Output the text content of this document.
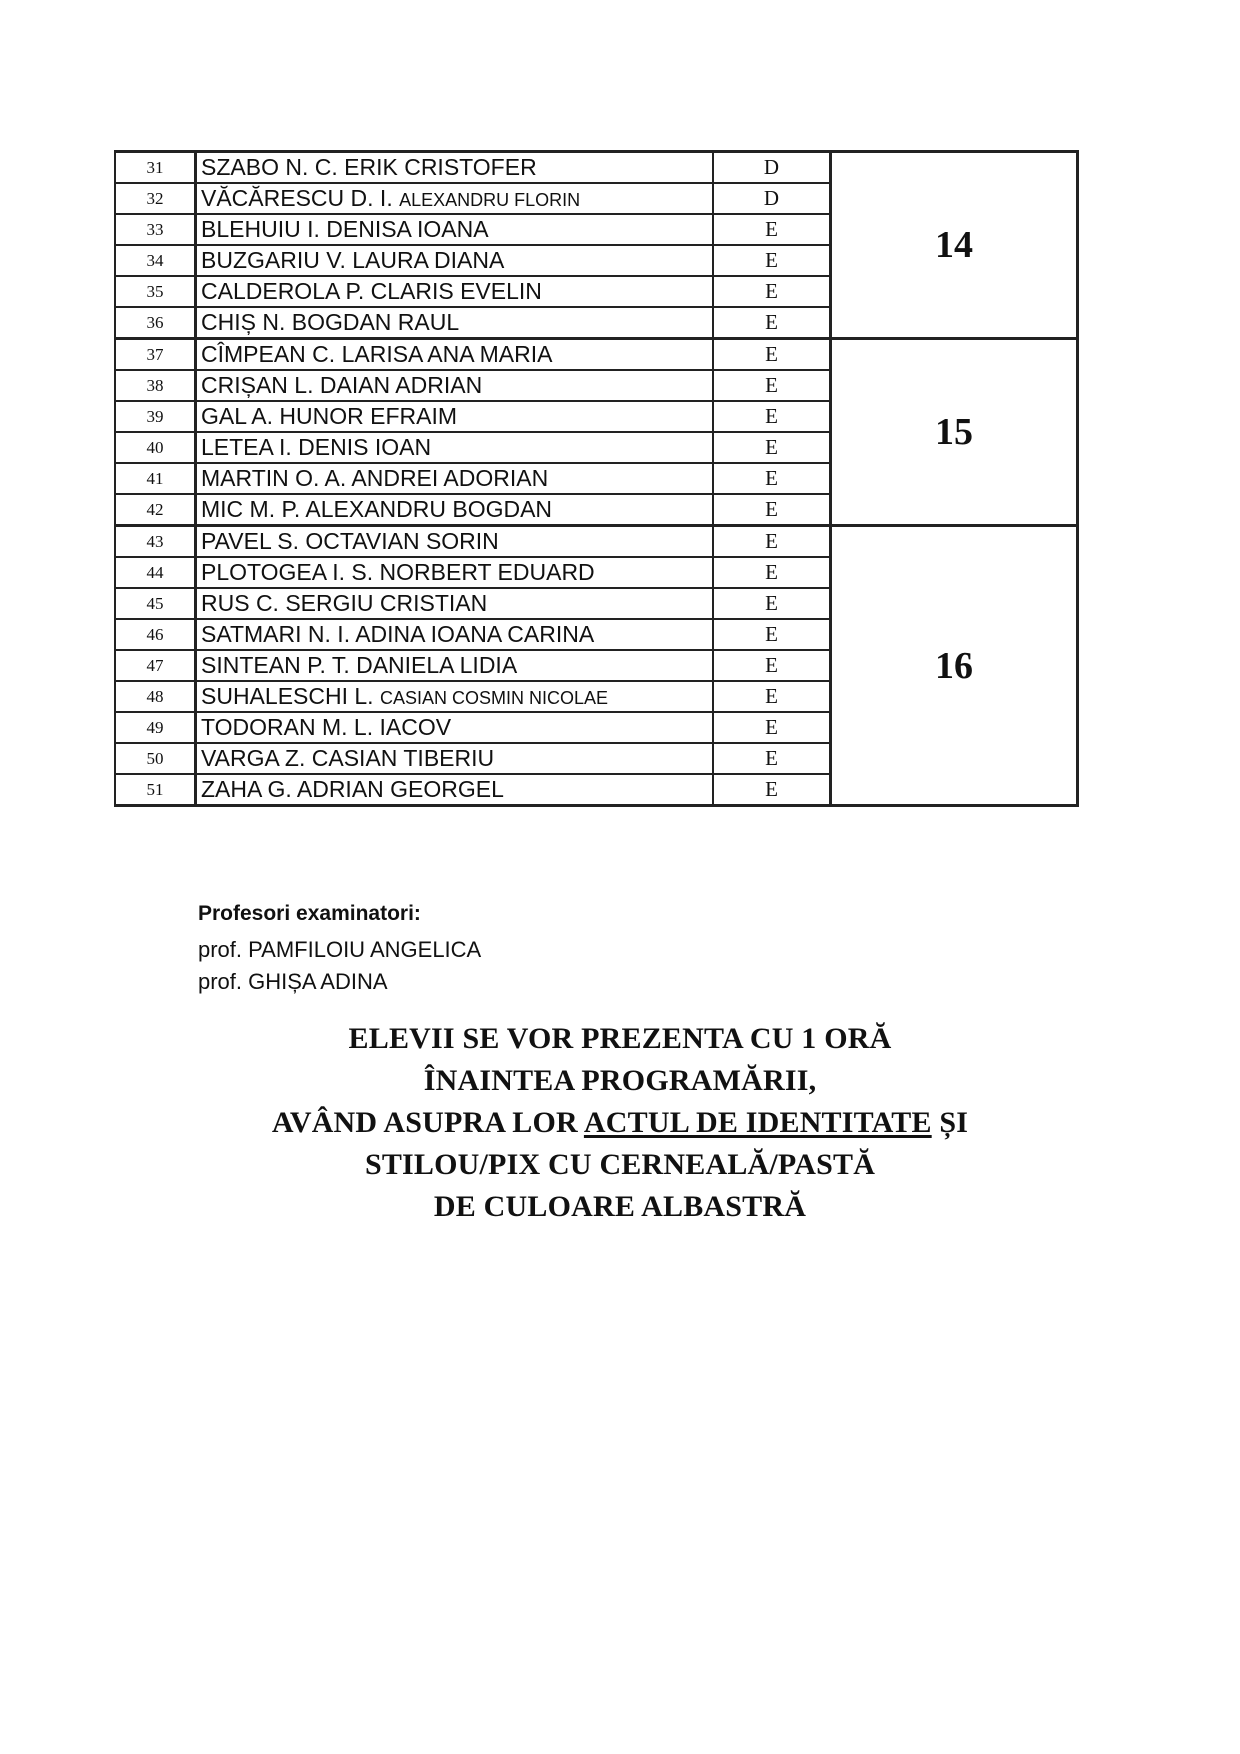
31	SZABO N. C. ERIK CRISTOFER	D	14
32	VĂCĂRESCU D. I. ALEXANDRU FLORIN	D	
33	BLEHUIU I. DENISA IOANA	E	
34	BUZGARIU V. LAURA DIANA	E	
35	CALDEROLA P. CLARIS EVELIN	E	
36	CHIȘ N. BOGDAN RAUL	E	
37	CÎMPEAN C. LARISA ANA MARIA	E	15
38	CRIȘAN L. DAIAN ADRIAN	E	
39	GAL A. HUNOR EFRAIM	E	
40	LETEA I. DENIS IOAN	E	
41	MARTIN O. A. ANDREI ADORIAN	E	
42	MIC M. P. ALEXANDRU BOGDAN	E	
43	PAVEL S. OCTAVIAN SORIN	E	16
44	PLOTOGEA I. S. NORBERT EDUARD	E	
45	RUS C. SERGIU CRISTIAN	E	
46	SATMARI N. I. ADINA IOANA CARINA	E	
47	SINTEAN P. T. DANIELA LIDIA	E	
48	SUHALESCHI L. CASIAN COSMIN NICOLAE	E	
49	TODORAN M. L. IACOV	E	
50	VARGA Z. CASIAN TIBERIU	E	
51	ZAHA G. ADRIAN GEORGEL	E	
Profesori examinatori:
prof. PAMFILOIU ANGELICA
prof. GHIȘA ADINA
ELEVII SE VOR PREZENTA CU 1 ORĂ
ÎNAINTEA PROGRAMĂRII,
AVÂND ASUPRA LOR ACTUL DE IDENTITATE ȘI
STILOU/PIX CU CERNEALĂ/PASTĂ
DE CULOARE ALBASTRĂ
